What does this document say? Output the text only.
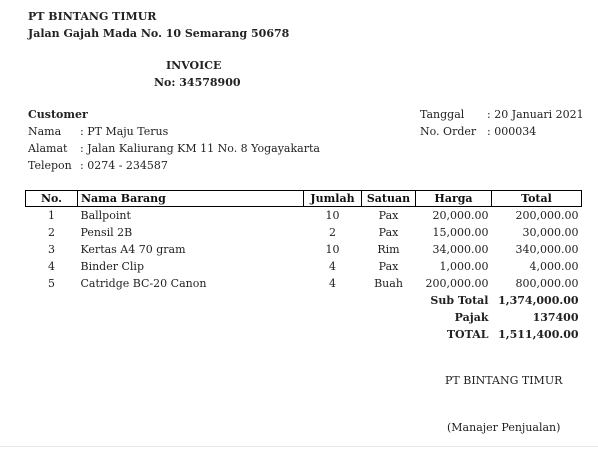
PT BINTANG TIMUR
Jalan Gajah Mada No. 10 Semarang 50678
INVOICE
No: 34578900
Customer
Nama : PT Maju Terus
Alamat : Jalan Kaliurang KM 11 No. 8 Yogayakarta
Telepon : 0274 - 234587
Tanggal : 20 Januari 2021
No. Order : 000034
No.	Nama Barang	Jumlah	Satuan	Harga	Total
1	Ballpoint	10	Pax	20,000.00	200,000.00
2	Pensil 2B	2	Pax	15,000.00	30,000.00
3	Kertas A4 70 gram	10	Rim	34,000.00	340,000.00
4	Binder Clip	4	Pax	1,000.00	4,000.00
5	Catridge BC-20 Canon	4	Buah	200,000.00	800,000.00
				Sub Total	1,374,000.00
				Pajak	137400
				TOTAL	1,511,400.00
PT BINTANG TIMUR
(Manajer Penjualan)
